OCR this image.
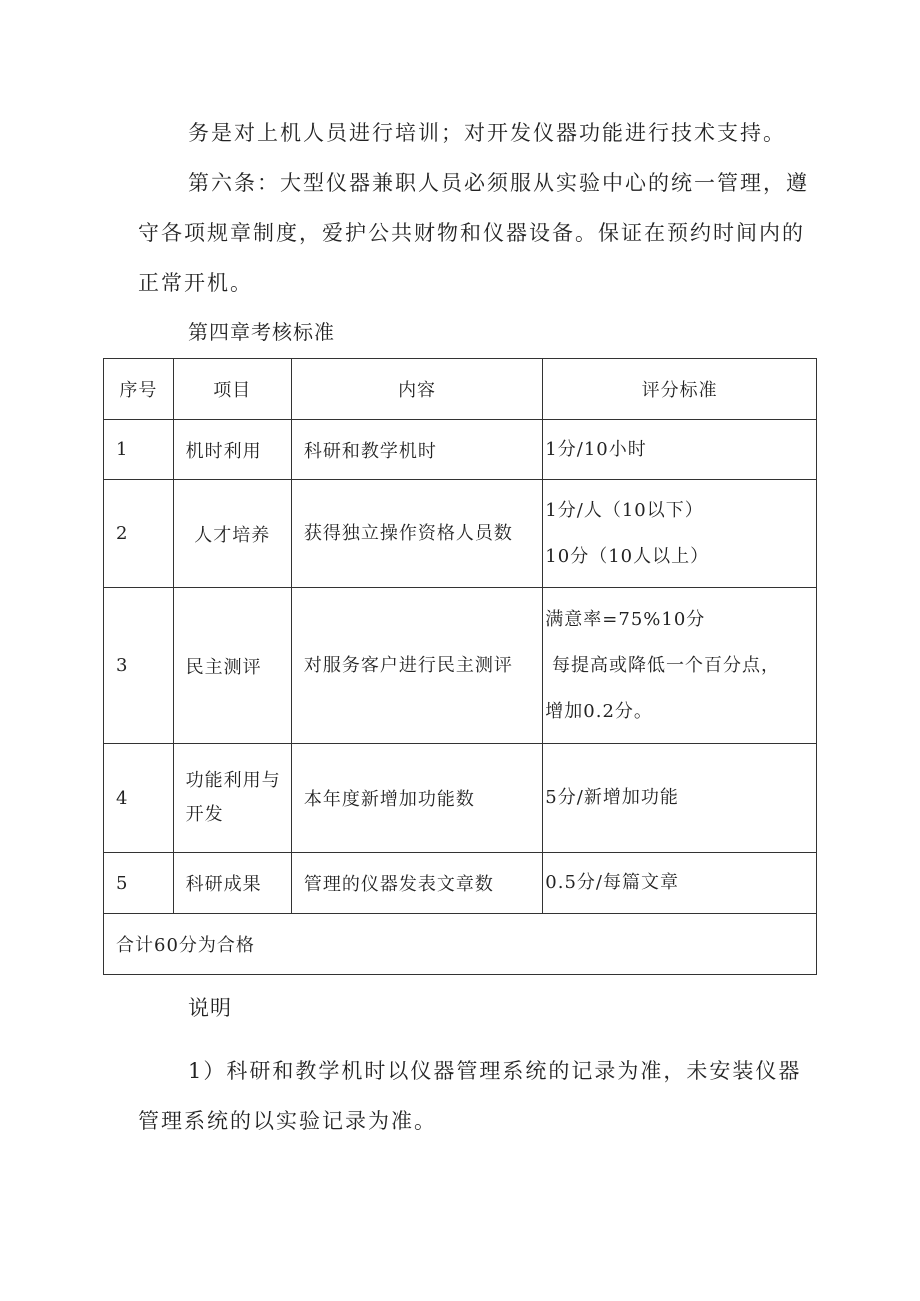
务是对上机人员进行培训；对开发仪器功能进行技术支持。

第六条：大型仪器兼职人员必须服从实验中心的统一管理，遵守各项规章制度，爱护公共财物和仪器设备。保证在预约时间内的正常开机。

第四章考核标准

序号	项目	内容	评分标准
1	机时利用	科研和教学机时	1分/10小时

2	人才培养	获得独立操作资格人员数	1分/人（10以下）
10分（10人以上）

3	民主测评	对服务客户进行民主测评	满意率=75%10分
每提高或降低一个百分点，
增加0.2分。

4	功能利用与开发	本年度新增加功能数	5分/新增加功能

5	科研成果	管理的仪器发表文章数	0.5分/每篇文章

合计60分为合格			

说明

1）科研和教学机时以仪器管理系统的记录为准，未安装仪器管理系统的以实验记录为准。
